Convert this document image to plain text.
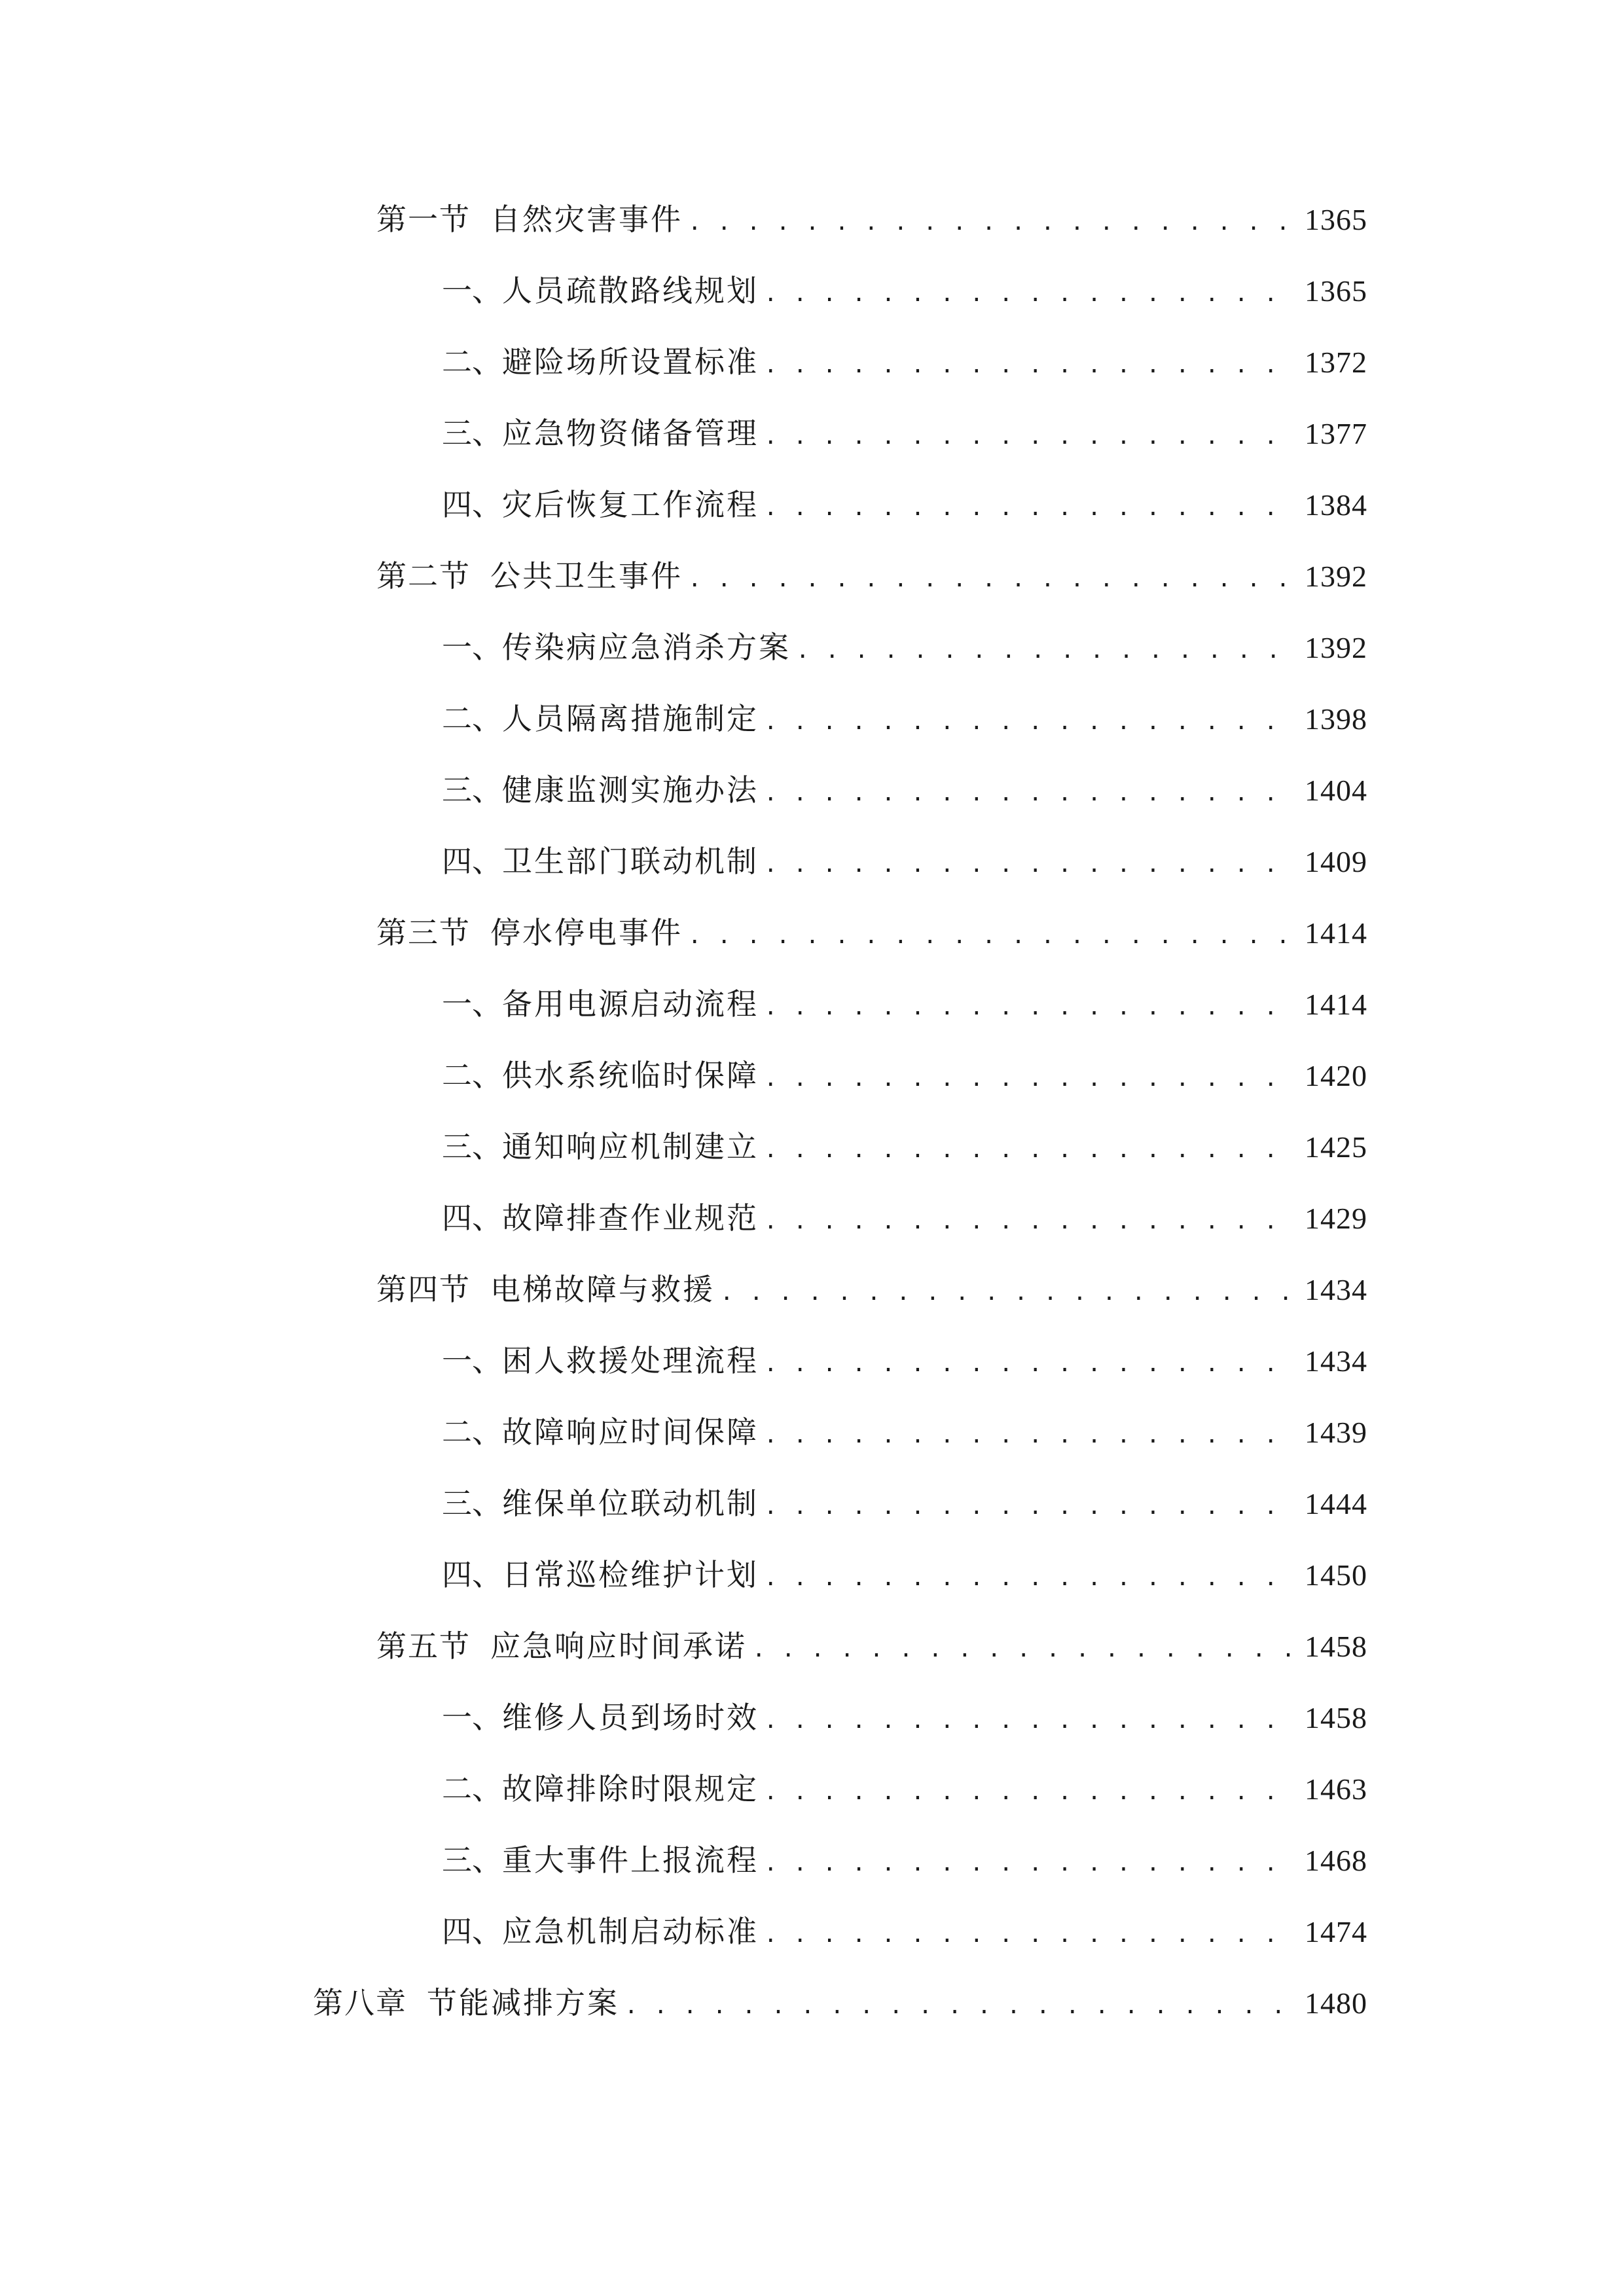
第一节 自然灾害事件 . . .	1365
一、 人员疏散路线规划 . . .	1365
二、 避险场所设置标准 . . .	1372
三、 应急物资储备管理 . . .	1377
四、 灾后恢复工作流程 . . .	1384
第二节 公共卫生事件 . . .	1392
一、 传染病应急消杀方案 . . .	1392
二、 人员隔离措施制定 . . .	1398
三、 健康监测实施办法 . . .	1404
四、 卫生部门联动机制 . . .	1409
第三节 停水停电事件 . . .	1414
一、 备用电源启动流程 . . .	1414
二、 供水系统临时保障 . . .	1420
三、 通知响应机制建立 . . .	1425
四、 故障排查作业规范 . . .	1429
第四节 电梯故障与救援 . . .	1434
一、 困人救援处理流程 . . .	1434
二、 故障响应时间保障 . . .	1439
三、 维保单位联动机制 . . .	1444
四、 日常巡检维护计划 . . .	1450
第五节 应急响应时间承诺 . . .	1458
一、 维修人员到场时效 . . .	1458
二、 故障排除时限规定 . . .	1463
三、 重大事件上报流程 . . .	1468
四、 应急机制启动标准 . . .	1474
第八章 节能减排方案 . . .	1480
